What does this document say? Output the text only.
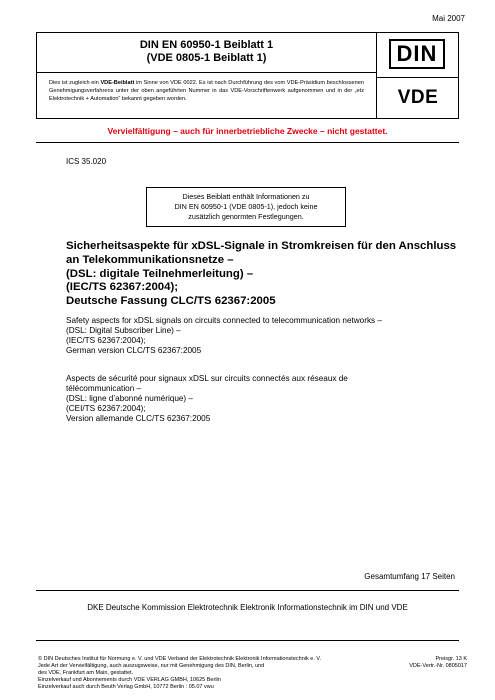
Mai 2007
DIN EN 60950-1 Beiblatt 1
(VDE 0805-1 Beiblatt 1)
Dies ist zugleich ein VDE-Beiblatt im Sinne von VDE 0022. Es ist nach Durchführung des vom VDE-Präsidium beschlossenen Genehmigungsverfahrens unter der oben angeführten Nummer in das VDE-Vorschriftenwerk aufgenommen und in der „etz Elektrotechnik + Automation“ bekannt gegeben worden.
DIN
VDE
Vervielfältigung – auch für innerbetriebliche Zwecke – nicht gestattet.
ICS 35.020
Dieses Beiblatt enthält Informationen zu
DIN EN 60950-1 (VDE 0805-1), jedoch keine
zusätzlich genormten Festlegungen.
Sicherheitsaspekte für xDSL-Signale in Stromkreisen für den Anschluss
an Telekommunikationsnetze –
(DSL: digitale Teilnehmerleitung) –
(IEC/TS 62367:2004);
Deutsche Fassung CLC/TS 62367:2005
Safety aspects for xDSL signals on circuits connected to telecommunication networks –
(DSL: Digital Subscriber Line) –
(IEC/TS 62367:2004);
German version CLC/TS 62367:2005
Aspects de sécurité pour signaux xDSL sur circuits connectés aux réseaux de
télécommunication –
(DSL: ligne d’abonné numérique) –
(CEI/TS 62367:2004);
Version allemande CLC/TS 62367:2005
Gesamtumfang 17 Seiten
DKE Deutsche Kommission Elektrotechnik Elektronik Informationstechnik im DIN und VDE
© DIN Deutsches Institut für Normung e. V. und VDE Verband der Elektrotechnik Elektronik Informationstechnik e. V.
Jede Art der Vervielfältigung, auch auszugsweise, nur mit Genehmigung des DIN, Berlin, und
des VDE, Frankfurt am Main, gestattet.
Einzelverkauf und Abonnements durch VDE VERLAG GMBH, 10625 Berlin
Einzelverkauf auch durch Beuth Verlag GmbH, 10772 Berlin : 05.07 vwu
Preisgr. 13 K
VDE-Vertr.-Nr. 0805017
